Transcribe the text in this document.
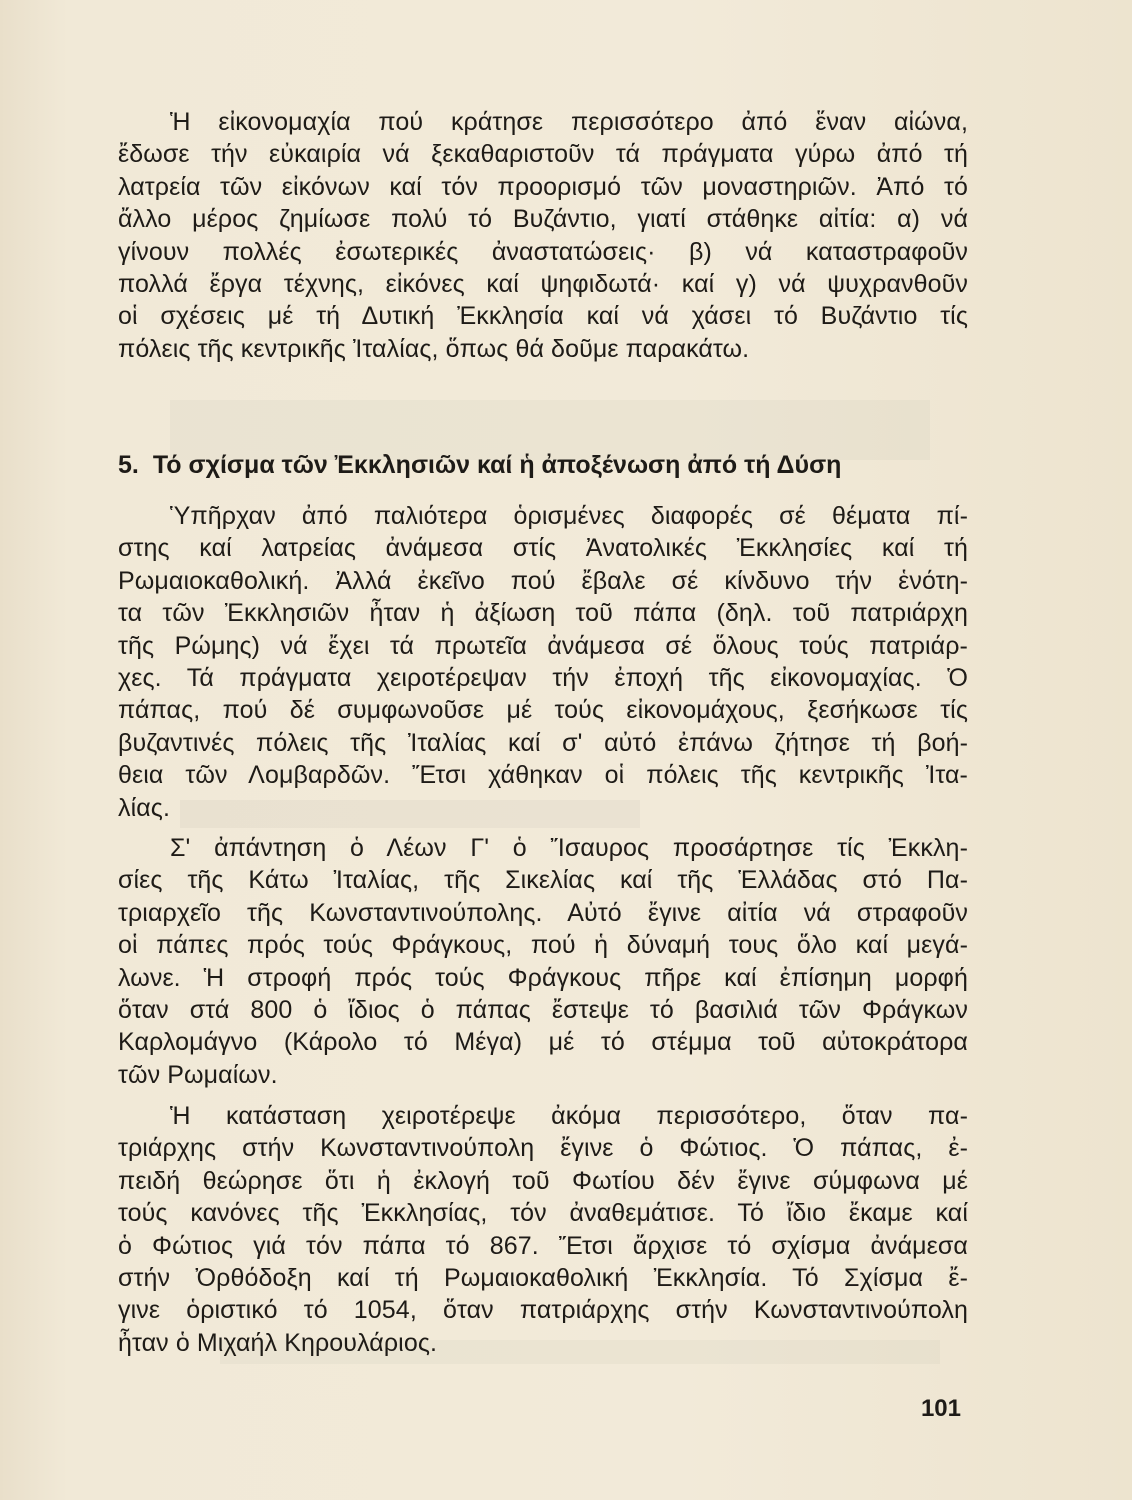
Ἡ εἰκονομαχία πού κράτησε περισσότερο ἀπό ἕναν αἰώνα,
ἔδωσε τήν εὐκαιρία νά ξεκαθαριστοῦν τά πράγματα γύρω ἀπό τή
λατρεία τῶν εἰκόνων καί τόν προορισμό τῶν μοναστηριῶν. Ἀπό τό
ἄλλο μέρος ζημίωσε πολύ τό Βυζάντιο, γιατί στάθηκε αἰτία: α) νά
γίνουν πολλές ἐσωτερικές ἀναστατώσεις· β) νά καταστραφοῦν
πολλά ἔργα τέχνης, εἰκόνες καί ψηφιδωτά· καί γ) νά ψυχρανθοῦν
οἱ σχέσεις μέ τή Δυτική Ἐκκλησία καί νά χάσει τό Βυζάντιο τίς
πόλεις τῆς κεντρικῆς Ἰταλίας, ὅπως θά δοῦμε παρακάτω.
5. Τό σχίσμα τῶν Ἐκκλησιῶν καί ἡ ἀποξένωση ἀπό τή Δύση
Ὑπῆρχαν ἀπό παλιότερα ὁρισμένες διαφορές σέ θέματα πί-
στης καί λατρείας ἀνάμεσα στίς Ἀνατολικές Ἐκκλησίες καί τή
Ρωμαιοκαθολική. Ἀλλά ἐκεῖνο πού ἔβαλε σέ κίνδυνο τήν ἑνότη-
τα τῶν Ἐκκλησιῶν ἦταν ἡ ἀξίωση τοῦ πάπα (δηλ. τοῦ πατριάρχη
τῆς Ρώμης) νά ἔχει τά πρωτεῖα ἀνάμεσα σέ ὅλους τούς πατριάρ-
χες. Τά πράγματα χειροτέρεψαν τήν ἐποχή τῆς εἰκονομαχίας. Ὁ
πάπας, πού δέ συμφωνοῦσε μέ τούς εἰκονομάχους, ξεσήκωσε τίς
βυζαντινές πόλεις τῆς Ἰταλίας καί σ' αὐτό ἐπάνω ζήτησε τή βοή-
θεια τῶν Λομβαρδῶν. Ἔτσι χάθηκαν οἱ πόλεις τῆς κεντρικῆς Ἰτα-
λίας.
Σ' ἀπάντηση ὁ Λέων Γ' ὁ Ἴσαυρος προσάρτησε τίς Ἐκκλη-
σίες τῆς Κάτω Ἰταλίας, τῆς Σικελίας καί τῆς Ἑλλάδας στό Πα-
τριαρχεῖο τῆς Κωνσταντινούπολης. Αὐτό ἔγινε αἰτία νά στραφοῦν
οἱ πάπες πρός τούς Φράγκους, πού ἡ δύναμή τους ὅλο καί μεγά-
λωνε. Ἡ στροφή πρός τούς Φράγκους πῆρε καί ἐπίσημη μορφή
ὅταν στά 800 ὁ ἴδιος ὁ πάπας ἔστεψε τό βασιλιά τῶν Φράγκων
Καρλομάγνο (Κάρολο τό Μέγα) μέ τό στέμμα τοῦ αὐτοκράτορα
τῶν Ρωμαίων.
Ἡ κατάσταση χειροτέρεψε ἀκόμα περισσότερο, ὅταν πα-
τριάρχης στήν Κωνσταντινούπολη ἔγινε ὁ Φώτιος. Ὁ πάπας, ἐ-
πειδή θεώρησε ὅτι ἡ ἐκλογή τοῦ Φωτίου δέν ἔγινε σύμφωνα μέ
τούς κανόνες τῆς Ἐκκλησίας, τόν ἀναθεμάτισε. Τό ἴδιο ἔκαμε καί
ὁ Φώτιος γιά τόν πάπα τό 867. Ἔτσι ἄρχισε τό σχίσμα ἀνάμεσα
στήν Ὀρθόδοξη καί τή Ρωμαιοκαθολική Ἐκκλησία. Τό Σχίσμα ἔ-
γινε ὁριστικό τό 1054, ὅταν πατριάρχης στήν Κωνσταντινούπολη
ἦταν ὁ Μιχαήλ Κηρουλάριος.
101
